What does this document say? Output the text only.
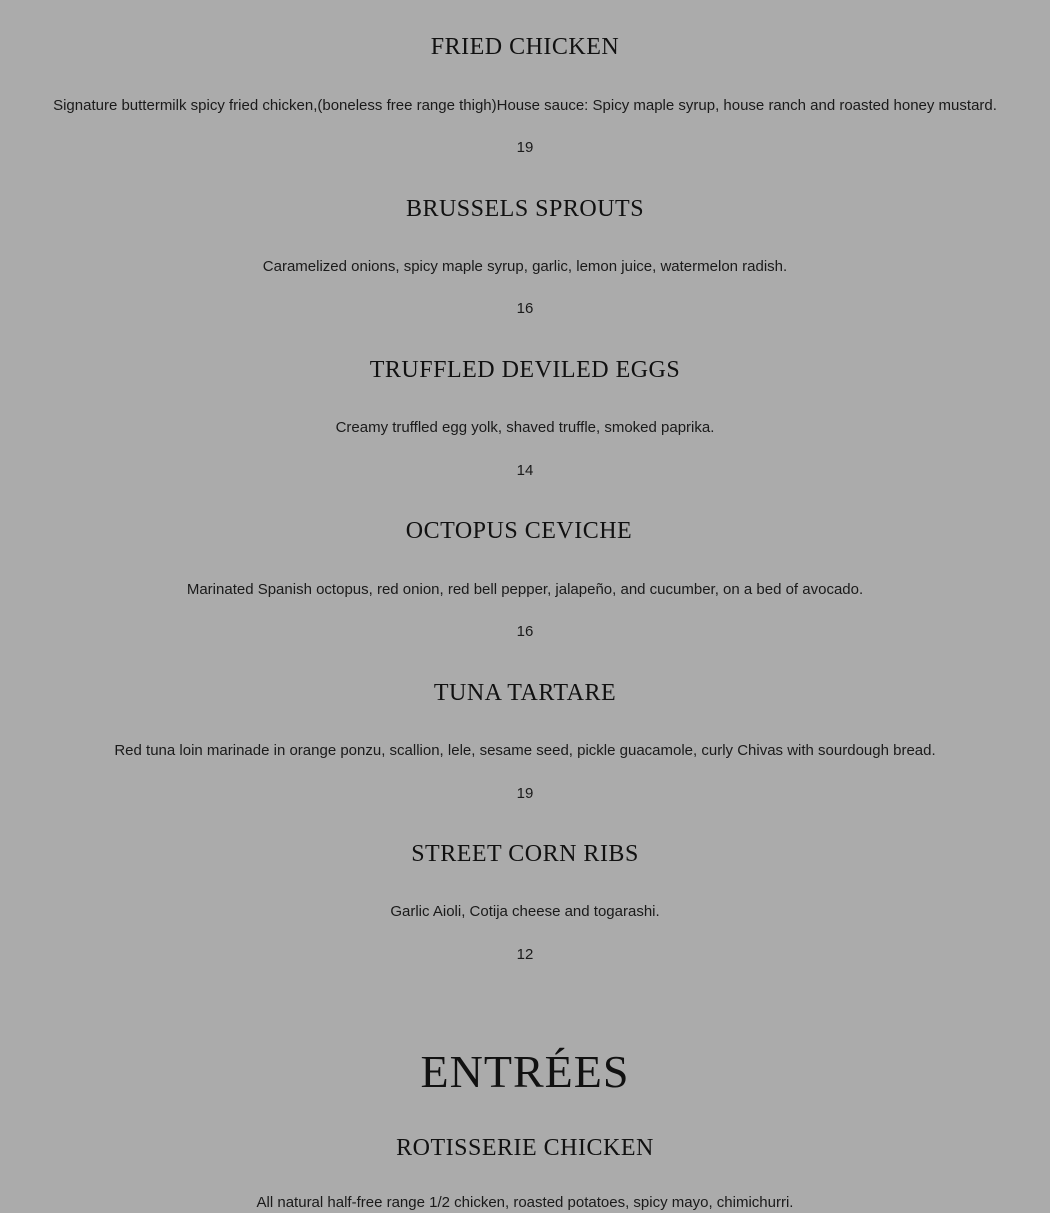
FRIED CHICKEN

Signature buttermilk spicy fried chicken,(boneless free range thigh)House sauce: Spicy maple syrup, house ranch and roasted honey mustard.

19

BRUSSELS SPROUTS

Caramelized onions, spicy maple syrup, garlic, lemon juice, watermelon radish.

16

TRUFFLED DEVILED EGGS

Creamy truffled egg yolk, shaved truffle, smoked paprika.

14

OCTOPUS CEVICHE

Marinated Spanish octopus, red onion, red bell pepper, jalapeño, and cucumber, on a bed of avocado.

16

TUNA TARTARE

Red tuna loin marinade in orange ponzu, scallion, lele, sesame seed, pickle guacamole, curly Chivas with sourdough bread.

19

STREET CORN RIBS

Garlic Aioli, Cotija cheese and togarashi.

12

ENTRÉES
ROTISSERIE CHICKEN

All natural half-free range 1/2 chicken, roasted potatoes, spicy mayo, chimichurri.
